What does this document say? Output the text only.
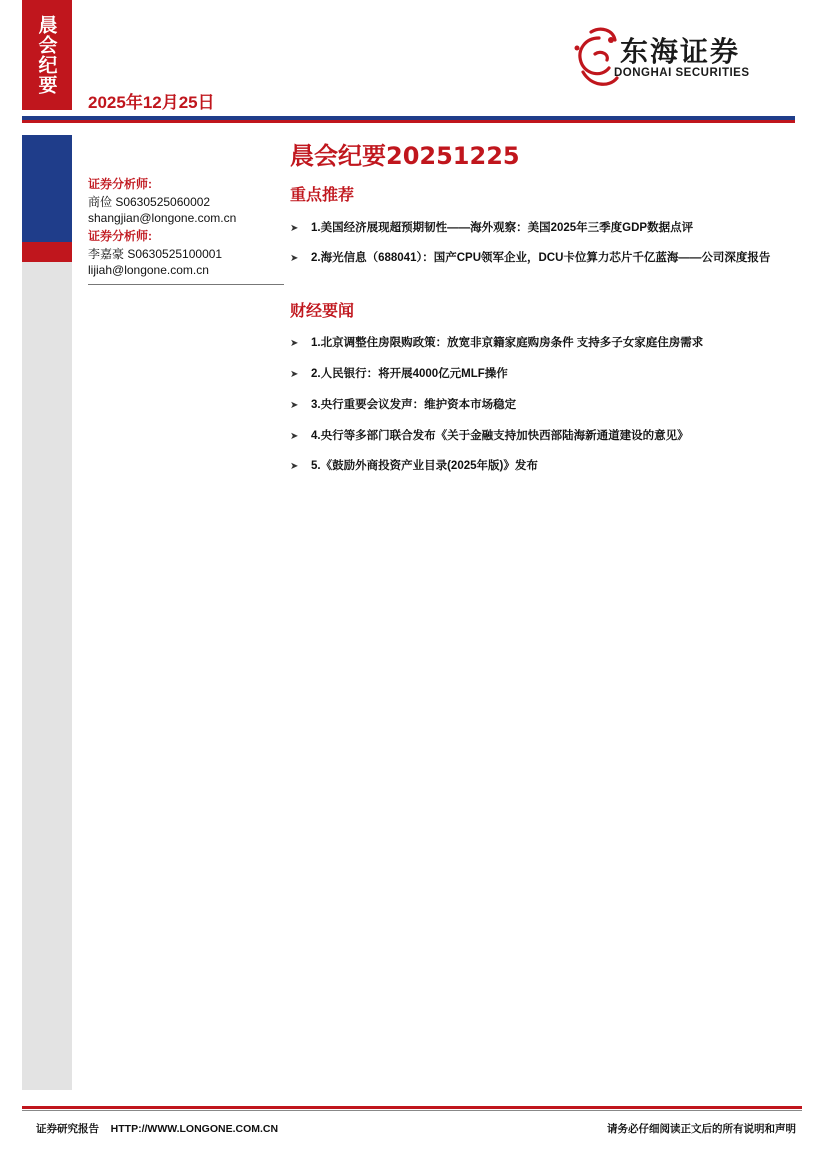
晨会纪要
2025年12月25日
东海证券
DONGHAI SECURITIES
证券分析师:
商俭 S0630525060002
shangjian@longone.com.cn
证券分析师:
李嘉豪 S0630525100001
lijiah@longone.com.cn
晨会纪要20251225
重点推荐
➤	1.美国经济展现超预期韧性——海外观察：美国2025年三季度GDP数据点评
➤	2.海光信息（688041）：国产CPU领军企业，DCU卡位算力芯片千亿蓝海——公司深度报告
财经要闻
➤	1.北京调整住房限购政策：放宽非京籍家庭购房条件 支持多子女家庭住房需求
➤	2.人民银行：将开展4000亿元MLF操作
➤	3.央行重要会议发声：维护资本市场稳定
➤	4.央行等多部门联合发布《关于金融支持加快西部陆海新通道建设的意见》
➤	5.《鼓励外商投资产业目录(2025年版)》发布
证券研究报告    HTTP://WWW.LONGONE.COM.CN	请务必仔细阅读正文后的所有说明和声明
